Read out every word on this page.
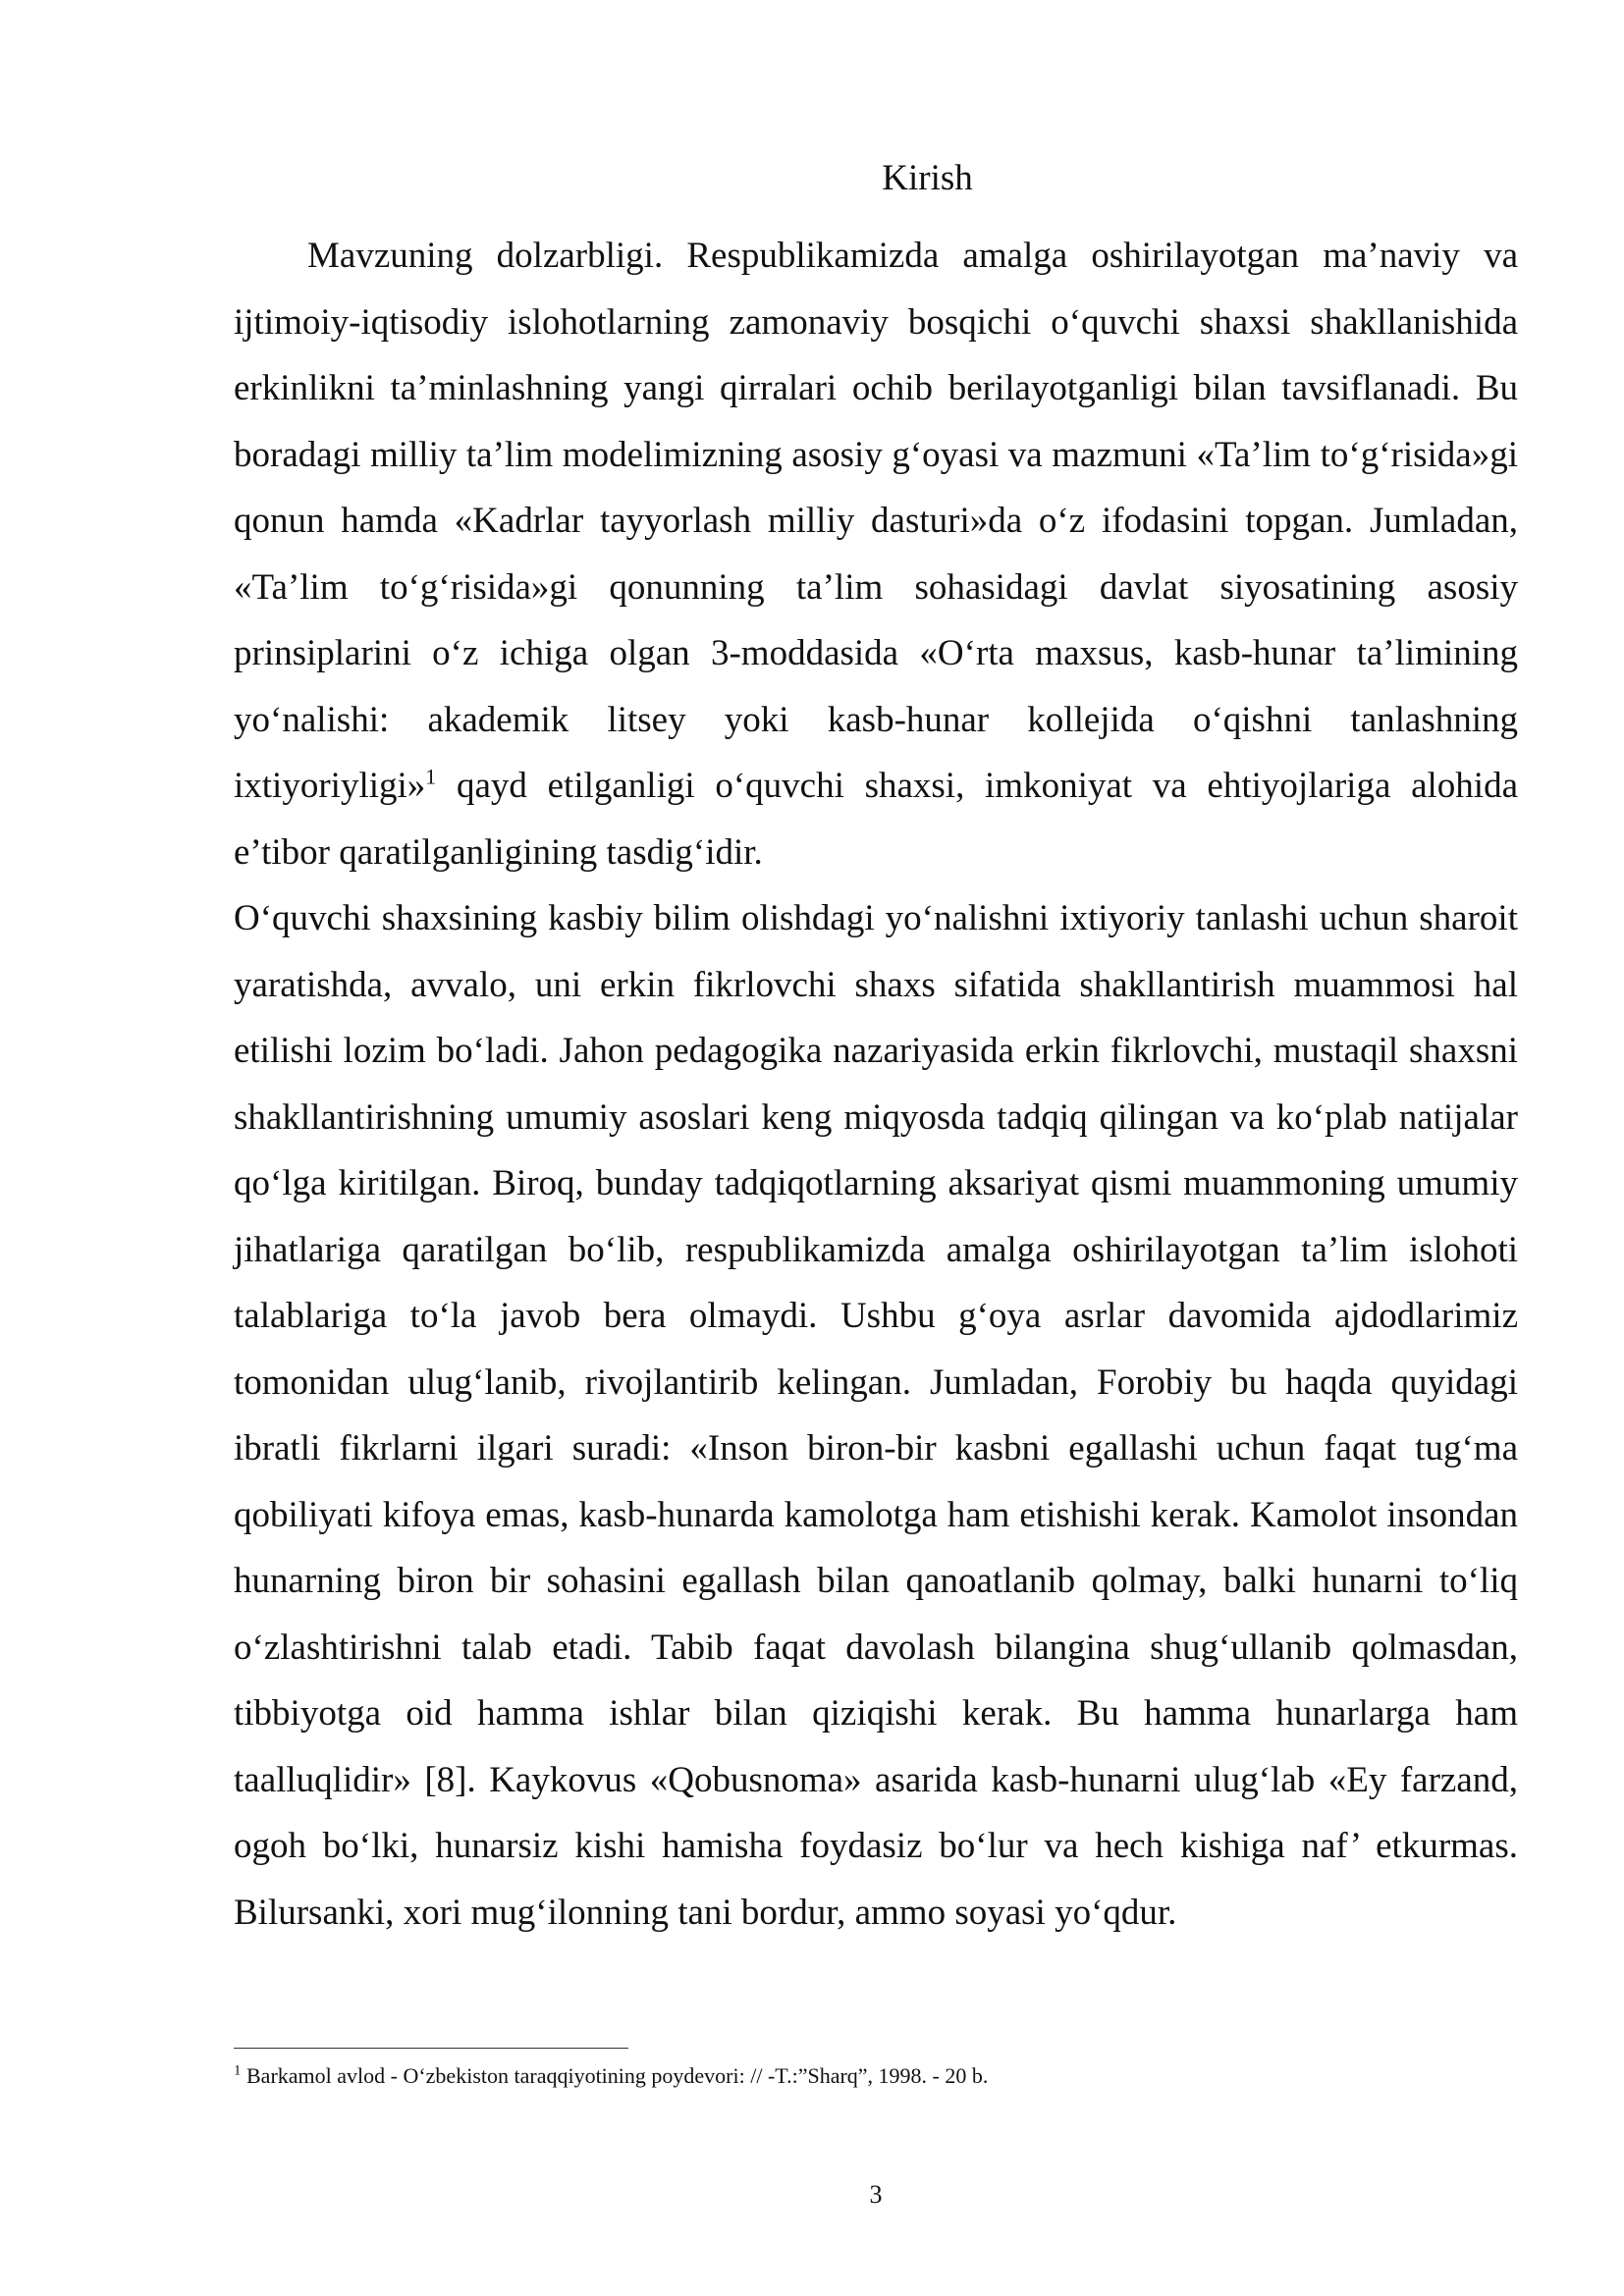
Kirish

Mavzuning dolzarbligi. Respublikamizda amalga oshirilayotgan ma’naviy va ijtimoiy-iqtisodiy islohotlarning zamonaviy bosqichi o‘quvchi shaxsi shakllanishida erkinlikni ta’minlashning yangi qirralari ochib berilayotganligi bilan tavsiflanadi. Bu boradagi milliy ta’lim modelimizning asosiy g‘oyasi va mazmuni «Ta’lim to‘g‘risida»gi qonun hamda «Kadrlar tayyorlash milliy dasturi»da o‘z ifodasini topgan. Jumladan, «Ta’lim to‘g‘risida»gi qonunning ta’lim sohasidagi davlat siyosatining asosiy prinsiplarini o‘z ichiga olgan 3-moddasida «O‘rta maxsus, kasb-hunar ta’limining yo‘nalishi: akademik litsey yoki kasb-hunar kollejida o‘qishni tanlashning ixtiyoriyligi»$^1$ qayd etilganligi o‘quvchi shaxsi, imkoniyat va ehtiyojlariga alohida e’tibor qaratilganligining tasdig‘idir.

O‘quvchi shaxsining kasbiy bilim olishdagi yo‘nalishni ixtiyoriy tanlashi uchun sharoit yaratishda, avvalo, uni erkin fikrlovchi shaxs sifatida shakllantirish muammosi hal etilishi lozim bo‘ladi. Jahon pedagogika nazariyasida erkin fikrlovchi, mustaqil shaxsni shakllantirishning umumiy asoslari keng miqyosda tadqiq qilingan va ko‘plab natijalar qo‘lga kiritilgan. Biroq, bunday tadqiqotlarning aksariyat qismi muammoning umumiy jihatlariga qaratilgan bo‘lib, respublikamizda amalga oshirilayotgan ta’lim islohoti talablariga to‘la javob bera olmaydi. Ushbu g‘oya asrlar davomida ajdodlarimiz tomonidan ulug‘lanib, rivojlantirib kelingan. Jumladan, Forobiy bu haqda quyidagi ibratli fikrlarni ilgari suradi: «Inson biron-bir kasbni egallashi uchun faqat tug‘ma qobiliyati kifoya emas, kasb-hunarda kamolotga ham etishishi kerak. Kamolot insondan hunarning biron bir sohasini egallash bilan qanoatlanib qolmay, balki hunarni to‘liq o‘zlashtirishni talab etadi. Tabib faqat davolash bilangina shug‘ullanib qolmasdan, tibbiyotga oid hamma ishlar bilan qiziqishi kerak. Bu hamma hunarlarga ham taalluqlidir» [8]. Kaykovus «Qobusnoma» asarida kasb-hunarni ulug‘lab «Ey farzand, ogoh bo‘lki, hunarsiz kishi hamisha foydasiz bo‘lur va hech kishiga naf’ etkurmas. Bilursanki, xori mug‘ilonning tani bordur, ammo soyasi yo‘qdur.

$^1$ Barkamol avlod - O‘zbekiston taraqqiyotining poydevori: // -T.:”Sharq”, 1998. - 20 b.

3
